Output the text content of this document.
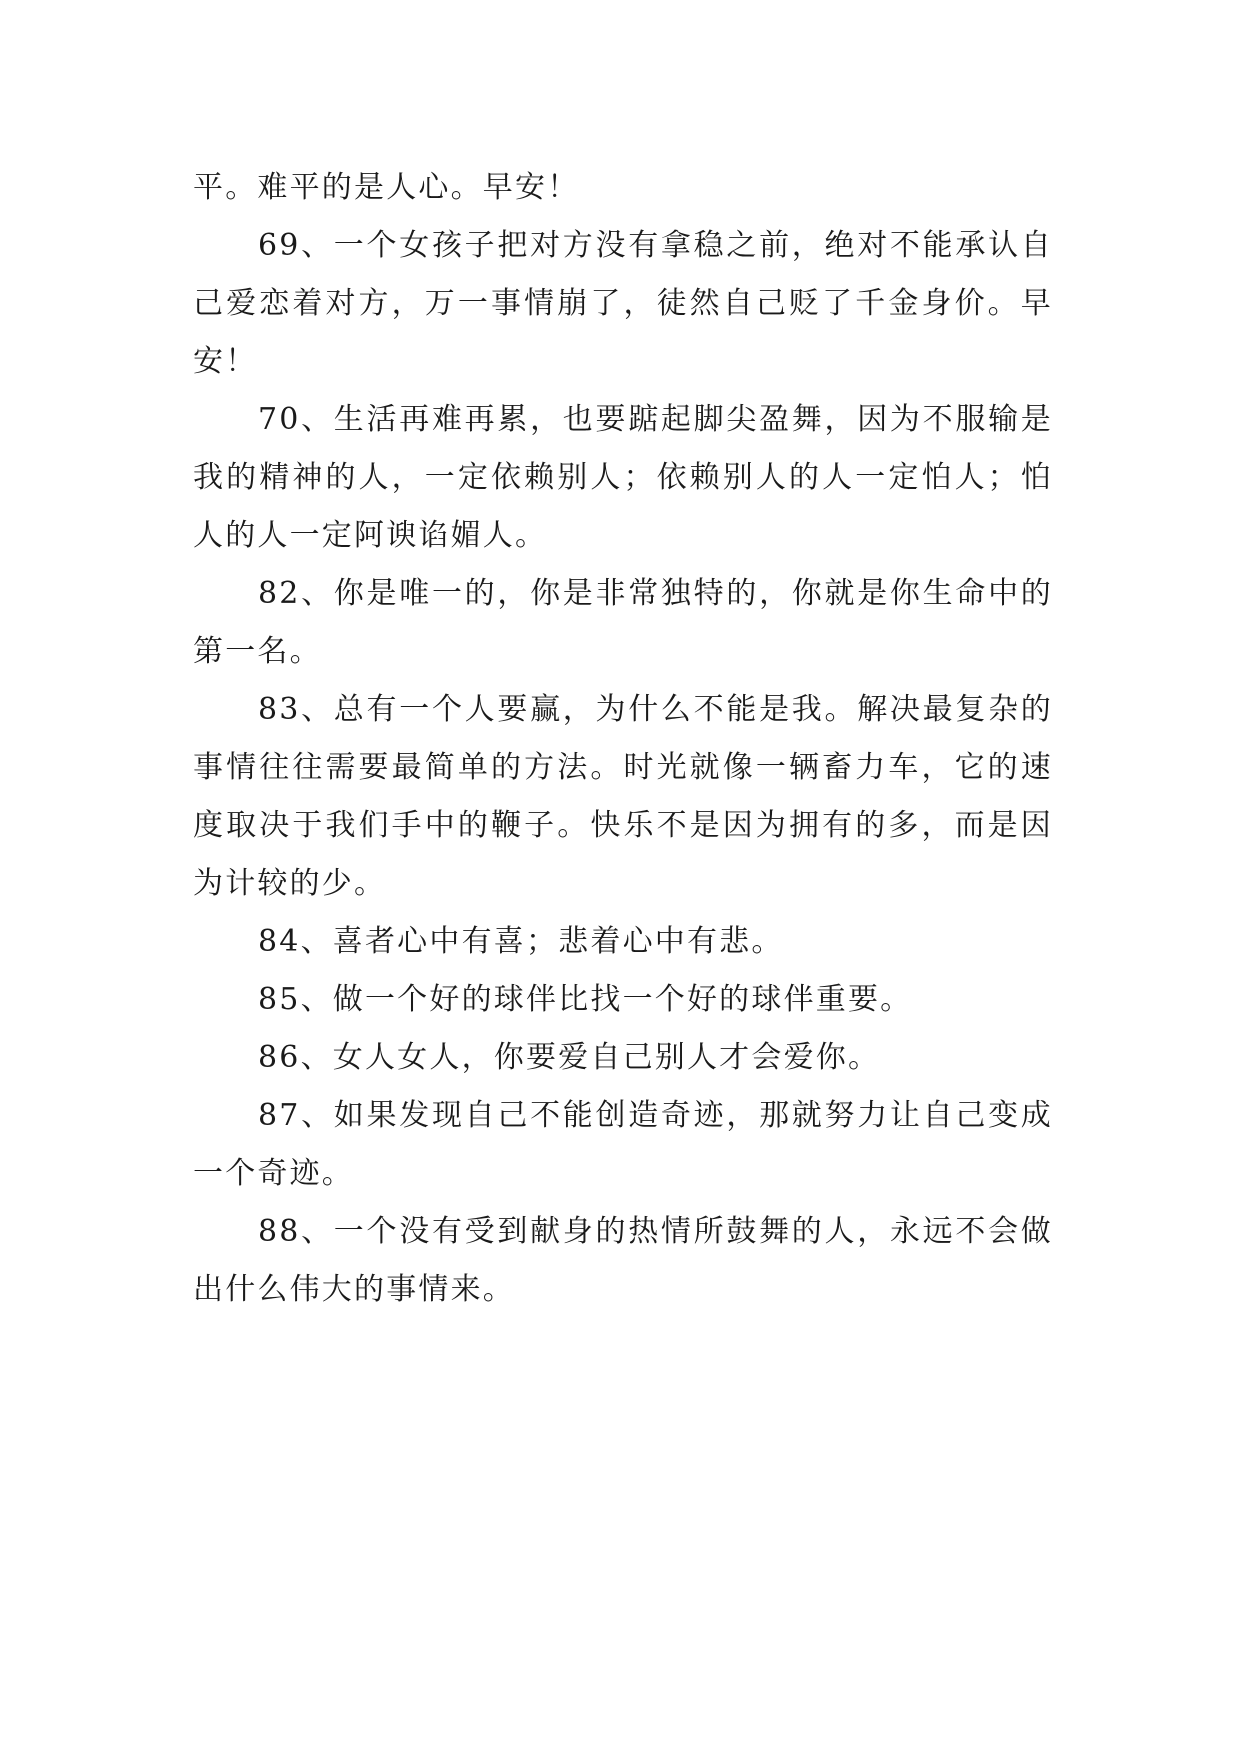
平。难平的是人心。早安！

69、一个女孩子把对方没有拿稳之前，绝对不能承认自己爱恋着对方，万一事情崩了，徒然自己贬了千金身价。早安！

70、生活再难再累，也要踮起脚尖盈舞，因为不服输是我的精神的人，一定依赖别人；依赖别人的人一定怕人；怕人的人一定阿谀谄媚人。

82、你是唯一的，你是非常独特的，你就是你生命中的第一名。

83、总有一个人要赢，为什么不能是我。解决最复杂的事情往往需要最简单的方法。时光就像一辆畜力车，它的速度取决于我们手中的鞭子。快乐不是因为拥有的多，而是因为计较的少。

84、喜者心中有喜；悲着心中有悲。

85、做一个好的球伴比找一个好的球伴重要。

86、女人女人，你要爱自己别人才会爱你。

87、如果发现自己不能创造奇迹，那就努力让自己变成一个奇迹。

88、一个没有受到献身的热情所鼓舞的人，永远不会做出什么伟大的事情来。
